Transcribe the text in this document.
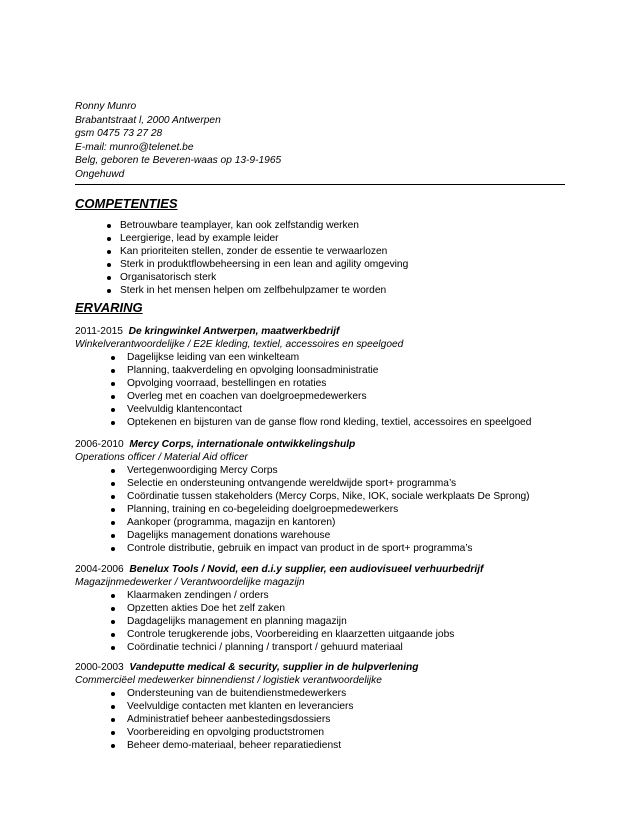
Ronny Munro
Brabantstraat l, 2000 Antwerpen
gsm 0475 73 27 28
E-mail: munro@telenet.be
Belg, geboren te Beveren-waas op 13-9-1965
Ongehuwd
COMPETENTIES
Betrouwbare teamplayer, kan ook zelfstandig werken
Leergierige, lead by example leider
Kan prioriteiten stellen, zonder de essentie te verwaarlozen
Sterk in produktflowbeheersing in een lean and agility omgeving
Organisatorisch sterk
Sterk in het mensen helpen om zelfbehulpzamer te worden
ERVARING
2011-2015 De kringwinkel Antwerpen, maatwerkbedrijf
Winkelverantwoordelijke / E2E kleding, textiel, accessoires en speelgoed
Dagelijkse leiding van een winkelteam
Planning, taakverdeling en opvolging loonsadministratie
Opvolging voorraad, bestellingen en rotaties
Overleg met en coachen van doelgroepmedewerkers
Veelvuldig klantencontact
Optekenen en bijsturen van de ganse flow rond kleding, textiel, accessoires en speelgoed
2006-2010 Mercy Corps, internationale ontwikkelingshulp
Operations officer / Material Aid officer
Vertegenwoordiging Mercy Corps
Selectie en ondersteuning ontvangende wereldwijde sport+ programma’s
Coördinatie tussen stakeholders (Mercy Corps, Nike, IOK, sociale werkplaats De Sprong)
Planning, training en co-begeleiding doelgroepmedewerkers
Aankoper (programma, magazijn en kantoren)
Dagelijks management donations warehouse
Controle distributie, gebruik en impact van product in de sport+ programma’s
2004-2006 Benelux Tools / Novid, een d.i.y supplier, een audiovisueel verhuurbedrijf
Magazijnmedewerker / Verantwoordelijke magazijn
Klaarmaken zendingen / orders
Opzetten akties Doe het zelf zaken
Dagdagelijks management en planning magazijn
Controle terugkerende jobs, Voorbereiding en klaarzetten uitgaande jobs
Coördinatie technici / planning / transport / gehuurd materiaal
2000-2003 Vandeputte medical & security, supplier in de hulpverlening
Commerciëel medewerker binnendienst / logistiek verantwoordelijke
Ondersteuning van de buitendienstmedewerkers
Veelvuldige contacten met klanten en leveranciers
Administratief beheer aanbestedingsdossiers
Voorbereiding en opvolging productstromen
Beheer demo-materiaal, beheer reparatiedienst
